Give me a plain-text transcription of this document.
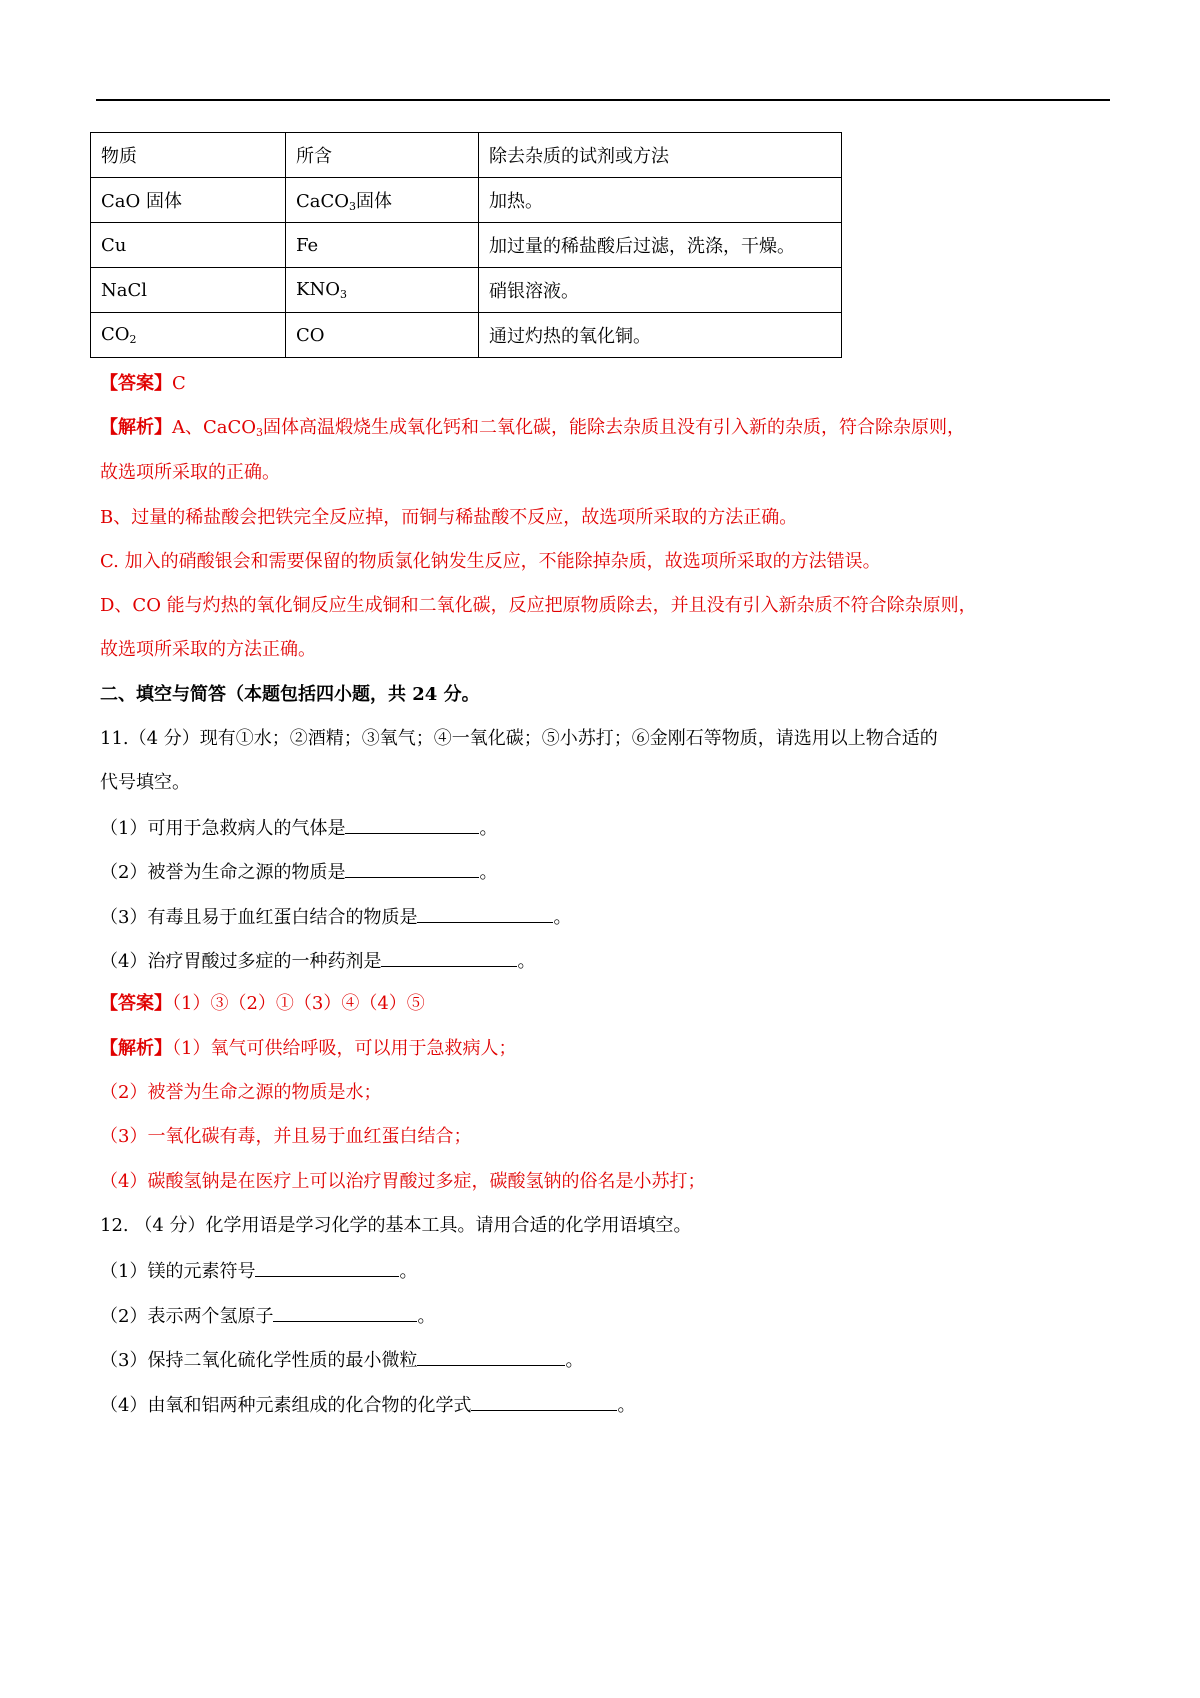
物质	所含	除去杂质的试剂或方法
CaO 固体	CaCO$_3$固体	加热。
Cu	Fe	加过量的稀盐酸后过滤，洗涤，干燥。
NaCl	$KNO_3$	硝银溶液。
$CO_2$	CO	通过灼热的氧化铜。
【答案】C
【解析】A、CaCO$_3$固体高温煅烧生成氧化钙和二氧化碳，能除去杂质且没有引入新的杂质，符合除杂原则，
故选项所采取的正确。
B、过量的稀盐酸会把铁完全反应掉，而铜与稀盐酸不反应，故选项所采取的方法正确。
C. 加入的硝酸银会和需要保留的物质氯化钠发生反应，不能除掉杂质，故选项所采取的方法错误。
D、CO 能与灼热的氧化铜反应生成铜和二氧化碳，反应把原物质除去，并且没有引入新杂质不符合除杂原则，
故选项所采取的方法正确。
二、填空与简答（本题包括四小题，共 24 分。
11.（4 分）现有①水；②酒精；③氧气；④一氧化碳；⑤小苏打；⑥金刚石等物质，请选用以上物合适的
代号填空。
（1）可用于急救病人的气体是	。
（2）被誉为生命之源的物质是	。
（3）有毒且易于血红蛋白结合的物质是	。
（4）治疗胃酸过多症的一种药剂是	。
【答案】（1）③（2）①（3）④（4）⑤
【解析】（1）氧气可供给呼吸，可以用于急救病人；
（2）被誉为生命之源的物质是水；
（3）一氧化碳有毒，并且易于血红蛋白结合；
（4）碳酸氢钠是在医疗上可以治疗胃酸过多症，碳酸氢钠的俗名是小苏打；
12. （4 分）化学用语是学习化学的基本工具。请用合适的化学用语填空。
（1）镁的元素符号	。
（2）表示两个氢原子	。
（3）保持二氧化硫化学性质的最小微粒	。
（4）由氧和铝两种元素组成的化合物的化学式	。
